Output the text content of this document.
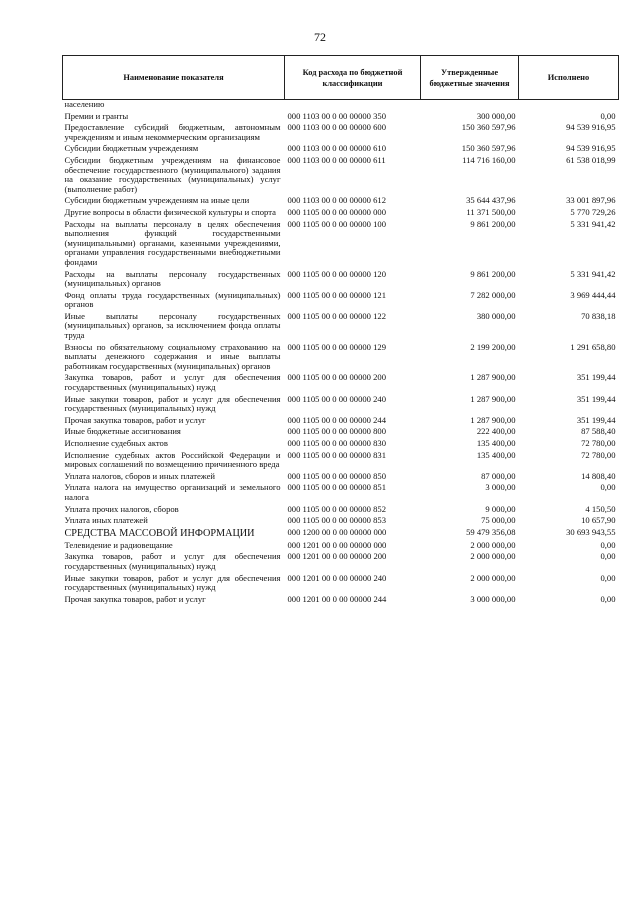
72
Наименование показателя	Код расхода по бюджетной классификации	Утвержденные бюджетные значения	Исполнено
населению			
Премии и гранты	000 1103 00 0 00 00000 350	300 000,00	0,00
Предоставление субсидий бюджетным, автономным учреждениям и иным некоммерческим организациям	000 1103 00 0 00 00000 600	150 360 597,96	94 539 916,95
Субсидии бюджетным учреждениям	000 1103 00 0 00 00000 610	150 360 597,96	94 539 916,95
Субсидии бюджетным учреждениям на финансовое обеспечение государственного (муниципального) задания на оказание государственных (муниципальных) услуг (выполнение работ)	000 1103 00 0 00 00000 611	114 716 160,00	61 538 018,99
Субсидии бюджетным учреждениям на иные цели	000 1103 00 0 00 00000 612	35 644 437,96	33 001 897,96
Другие вопросы в области физической культуры и спорта	000 1105 00 0 00 00000 000	11 371 500,00	5 770 729,26
Расходы на выплаты персоналу в целях обеспечения выполнения функций государственными (муниципальными) органами, казенными учреждениями, органами управления государственными внебюджетными фондами	000 1105 00 0 00 00000 100	9 861 200,00	5 331 941,42
Расходы на выплаты персоналу государственных (муниципальных) органов	000 1105 00 0 00 00000 120	9 861 200,00	5 331 941,42
Фонд оплаты труда государственных (муниципальных) органов	000 1105 00 0 00 00000 121	7 282 000,00	3 969 444,44
Иные выплаты персоналу государственных (муниципальных) органов, за исключением фонда оплаты труда	000 1105 00 0 00 00000 122	380 000,00	70 838,18
Взносы по обязательному социальному страхованию на выплаты денежного содержания и иные выплаты работникам государственных (муниципальных) органов	000 1105 00 0 00 00000 129	2 199 200,00	1 291 658,80
Закупка товаров, работ и услуг для обеспечения государственных (муниципальных) нужд	000 1105 00 0 00 00000 200	1 287 900,00	351 199,44
Иные закупки товаров, работ и услуг для обеспечения государственных (муниципальных) нужд	000 1105 00 0 00 00000 240	1 287 900,00	351 199,44
Прочая закупка товаров, работ и услуг	000 1105 00 0 00 00000 244	1 287 900,00	351 199,44
Иные бюджетные ассигнования	000 1105 00 0 00 00000 800	222 400,00	87 588,40
Исполнение судебных актов	000 1105 00 0 00 00000 830	135 400,00	72 780,00
Исполнение судебных актов Российской Федерации и мировых соглашений по возмещению причиненного вреда	000 1105 00 0 00 00000 831	135 400,00	72 780,00
Уплата налогов, сборов и иных платежей	000 1105 00 0 00 00000 850	87 000,00	14 808,40
Уплата налога на имущество организаций и земельного налога	000 1105 00 0 00 00000 851	3 000,00	0,00
Уплата прочих налогов, сборов	000 1105 00 0 00 00000 852	9 000,00	4 150,50
Уплата иных платежей	000 1105 00 0 00 00000 853	75 000,00	10 657,90
СРЕДСТВА МАССОВОЙ ИНФОРМАЦИИ	000 1200 00 0 00 00000 000	59 479 356,08	30 693 943,55
Телевидение и радиовещание	000 1201 00 0 00 00000 000	2 000 000,00	0,00
Закупка товаров, работ и услуг для обеспечения государственных (муниципальных) нужд	000 1201 00 0 00 00000 200	2 000 000,00	0,00
Иные закупки товаров, работ и услуг для обеспечения государственных (муниципальных) нужд	000 1201 00 0 00 00000 240	2 000 000,00	0,00
Прочая закупка товаров, работ и услуг	000 1201 00 0 00 00000 244	3 000 000,00	0,00
